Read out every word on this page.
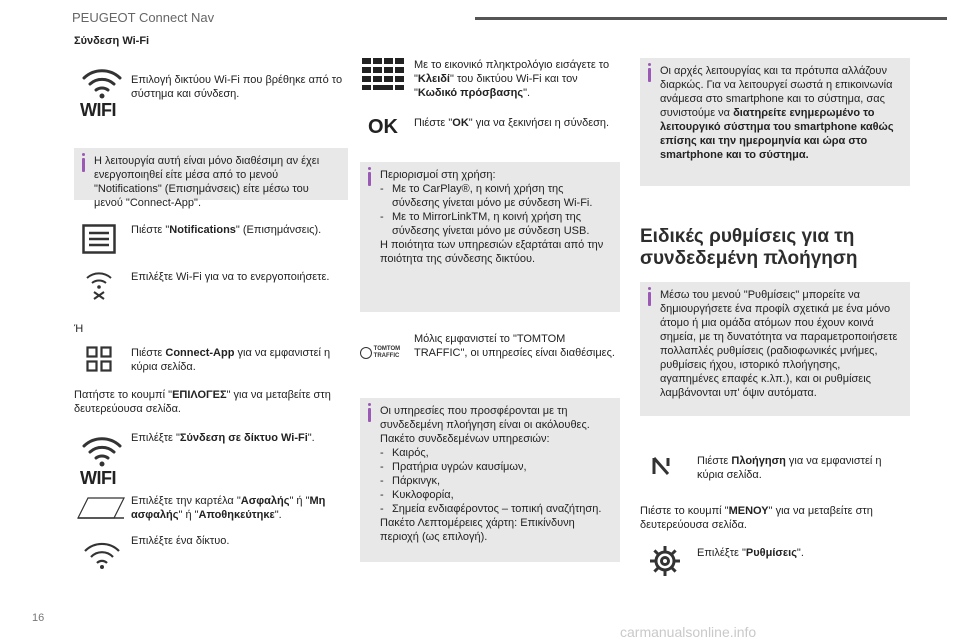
PEUGEOT Connect Nav
16
carmanualsonline.info
Σύνδεση Wi-Fi
WIFI
Επιλογή δικτύου Wi-Fi που βρέθηκε από το σύστημα και σύνδεση.
Η λειτουργία αυτή είναι μόνο διαθέσιμη αν έχει ενεργοποιηθεί είτε μέσα από το μενού "Notifications" (Επισημάνσεις) είτε μέσω του μενού "Connect-App".
Πιέστε "Notifications" (Επισημάνσεις).
Επιλέξτε Wi-Fi για να το ενεργοποιήσετε.
Ή
Πιέστε Connect-App για να εμφανιστεί η κύρια σελίδα.
Πατήστε το κουμπί "ΕΠΙΛΟΓΕΣ" για να μεταβείτε στη δευτερεύουσα σελίδα.
WIFI
Επιλέξτε "Σύνδεση σε δίκτυο Wi-Fi".
Επιλέξτε την καρτέλα "Ασφαλής" ή "Μη ασφαλής" ή "Αποθηκεύτηκε".
Επιλέξτε ένα δίκτυο.
Με το εικονικό πληκτρολόγιο εισάγετε το "Κλειδί" του δικτύου Wi-Fi και τον "Κωδικό πρόσβασης".
OK Πιέστε "OK" για να ξεκινήσει η σύνδεση.
Περιορισμοί στη χρήση:
- Με το CarPlay®, η κοινή χρήση της σύνδεσης γίνεται μόνο με σύνδεση Wi-Fi.
- Με το MirrorLinkTM, η κοινή χρήση της σύνδεσης γίνεται μόνο με σύνδεση USB.
Η ποιότητα των υπηρεσιών εξαρτάται από την ποιότητα της σύνδεσης δικτύου.
TOMTOM TRAFFIC
Μόλις εμφανιστεί το "TOMTOM TRAFFIC", οι υπηρεσίες είναι διαθέσιμες.
Οι υπηρεσίες που προσφέρονται με τη συνδεδεμένη πλοήγηση είναι οι ακόλουθες.
Πακέτο συνδεδεμένων υπηρεσιών:
- Καιρός,
- Πρατήρια υγρών καυσίμων,
- Πάρκινγκ,
- Κυκλοφορία,
- Σημεία ενδιαφέροντος – τοπική αναζήτηση.
Πακέτο Λεπτομέρειες χάρτη: Επικίνδυνη περιοχή (ως επιλογή).
Οι αρχές λειτουργίας και τα πρότυπα αλλάζουν διαρκώς. Για να λειτουργεί σωστά η επικοινωνία ανάμεσα στο smartphone και το σύστημα, σας συνιστούμε να διατηρείτε ενημερωμένο το λειτουργικό σύστημα του smartphone καθώς επίσης και την ημερομηνία και ώρα στο smartphone και το σύστημα.
Ειδικές ρυθμίσεις για τη συνδεδεμένη πλοήγηση
Μέσω του μενού "Ρυθμίσεις" μπορείτε να δημιουργήσετε ένα προφίλ σχετικά με ένα μόνο άτομο ή μια ομάδα ατόμων που έχουν κοινά σημεία, με τη δυνατότητα να παραμετροποιήσετε πολλαπλές ρυθμίσεις (ραδιοφωνικές μνήμες, ρυθμίσεις ήχου, ιστορικό πλοήγησης, αγαπημένες επαφές κ.λπ.), και οι ρυθμίσεις λαμβάνονται υπ' όψιν αυτόματα.
Πιέστε Πλοήγηση για να εμφανιστεί η κύρια σελίδα.
Πιέστε το κουμπί "ΜΕΝΟΥ" για να μεταβείτε στη δευτερεύουσα σελίδα.
Επιλέξτε "Ρυθμίσεις".
